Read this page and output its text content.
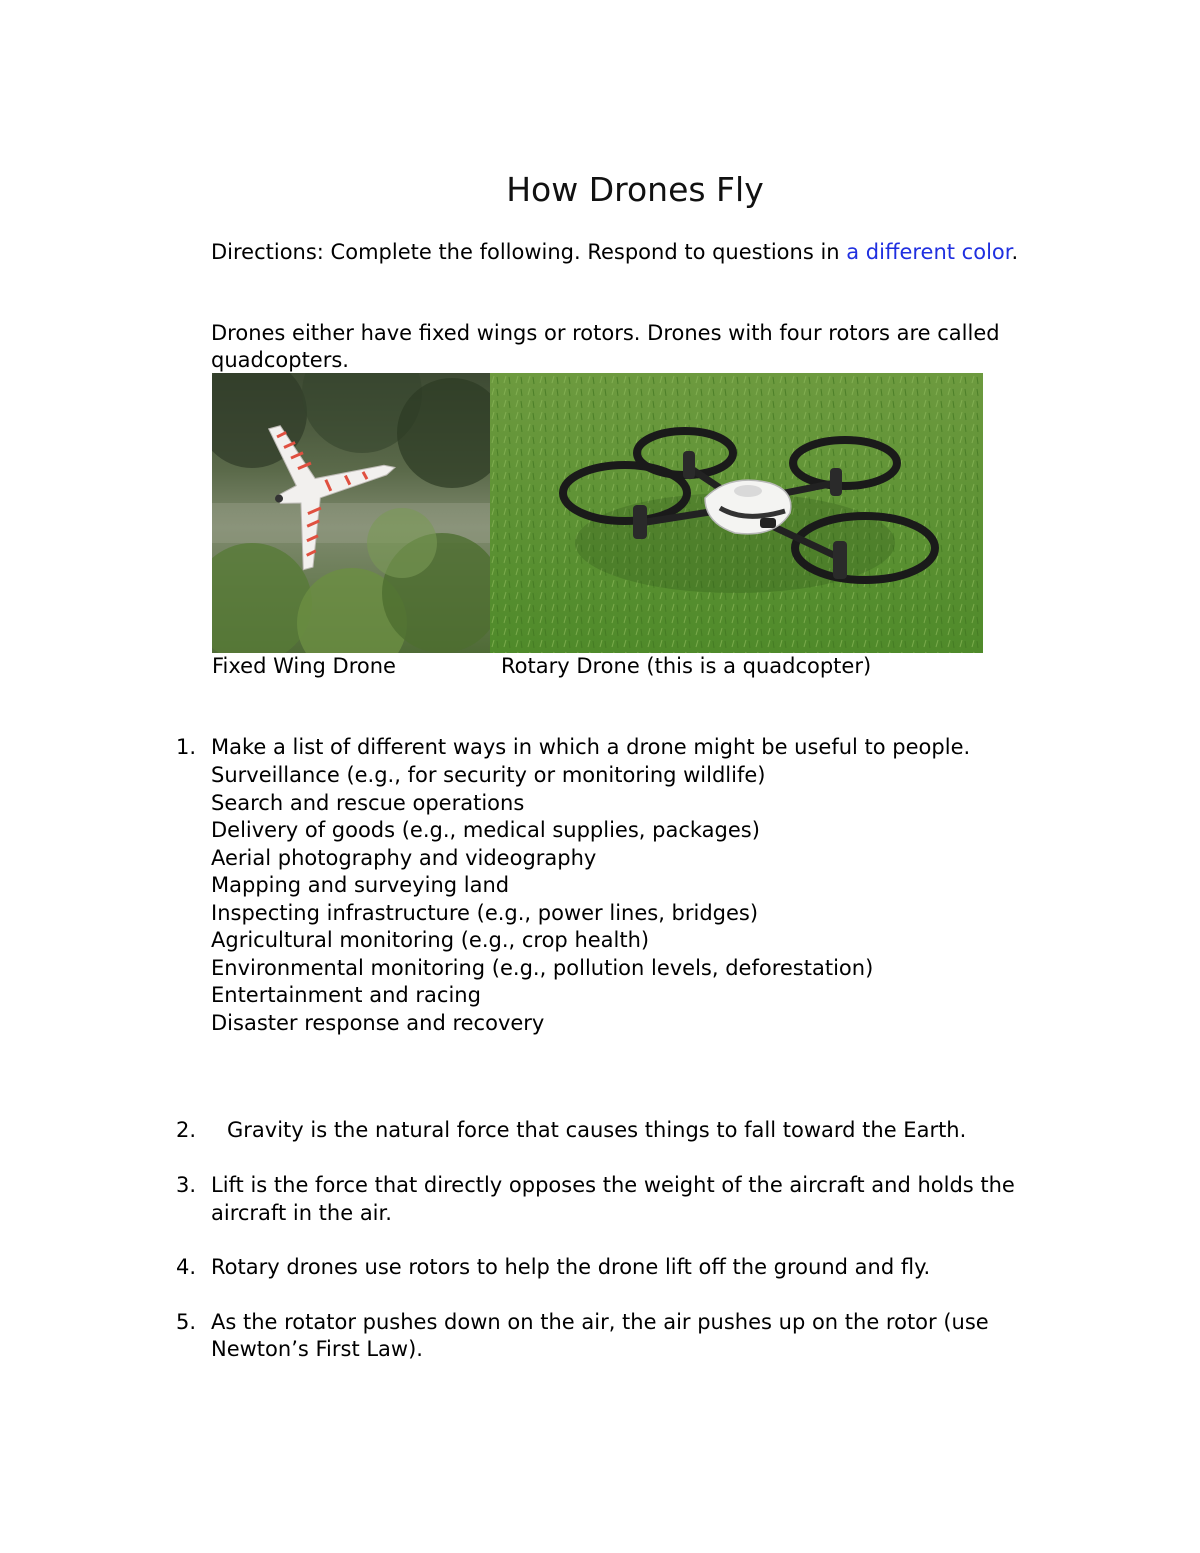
How Drones Fly
Directions: Complete the following. Respond to questions in a different color.
Drones either have fixed wings or rotors. Drones with four rotors are called
quadcopters.
Fixed Wing Drone	Rotary Drone (this is a quadcopter)
1. Make a list of different ways in which a drone might be useful to people.
Surveillance (e.g., for security or monitoring wildlife)
Search and rescue operations
Delivery of goods (e.g., medical supplies, packages)
Aerial photography and videography
Mapping and surveying land
Inspecting infrastructure (e.g., power lines, bridges)
Agricultural monitoring (e.g., crop health)
Environmental monitoring (e.g., pollution levels, deforestation)
Entertainment and racing
Disaster response and recovery
2. Gravity is the natural force that causes things to fall toward the Earth.
3. Lift is the force that directly opposes the weight of the aircraft and holds the
aircraft in the air.
4. Rotary drones use rotors to help the drone lift off the ground and fly.
5. As the rotator pushes down on the air, the air pushes up on the rotor (use
Newton’s First Law).
